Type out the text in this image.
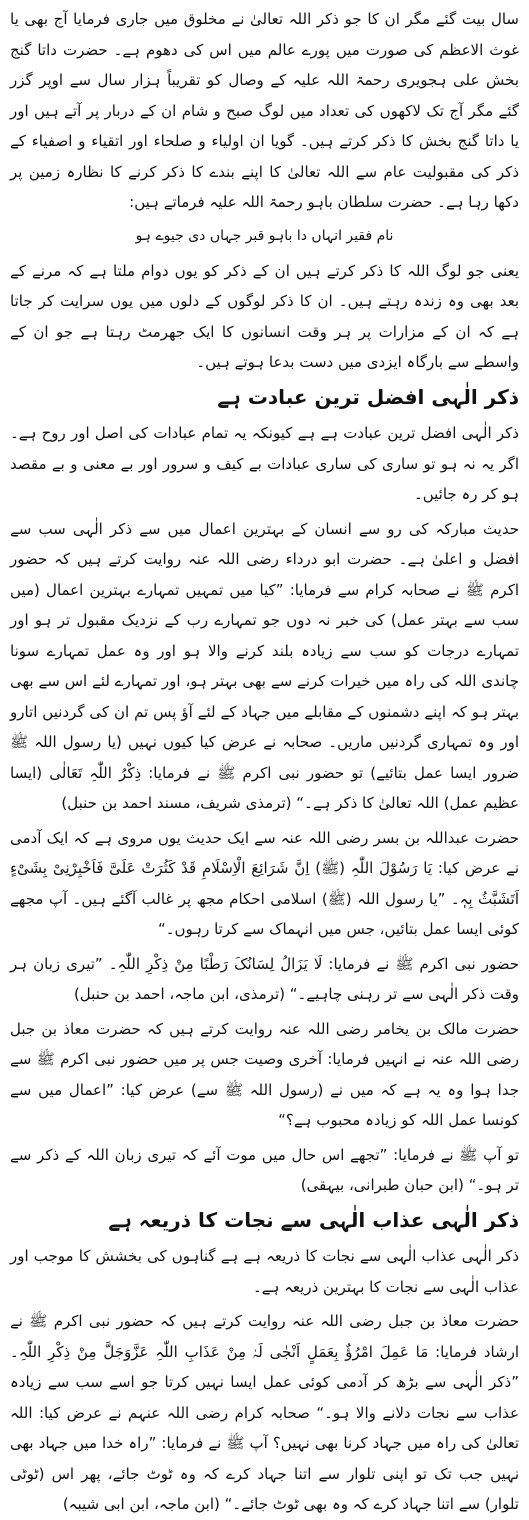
سال بیت گئے مگر ان کا جو ذکر اللہ تعالیٰ نے مخلوق میں جاری فرمایا آج بھی یا غوث الاعظم کی صورت میں پورے عالم میں اس کی دھوم ہے۔ حضرت داتا گنج بخش علی ہجویری رحمۃ اللہ علیہ کے وصال کو تقریباً ہزار سال سے اوپر گزر گئے مگر آج تک لاکھوں کی تعداد میں لوگ صبح و شام ان کے دربار پر آتے ہیں اور یا داتا گنج بخش کا ذکر کرتے ہیں۔ گویا ان اولیاء و صلحاء اور اتقیاء و اصفیاء کے ذکر کی مقبولیت عام سے اللہ تعالیٰ کا اپنے بندے کا ذکر کرنے کا نظارہ زمین پر دکھا رہا ہے۔ حضرت سلطان باہو رحمۃ اللہ علیہ فرماتے ہیں:

نام فقیر انہاں دا باہو قبر جہاں دی جیوے ہو

یعنی جو لوگ اللہ کا ذکر کرتے ہیں ان کے ذکر کو یوں دوام ملتا ہے کہ مرنے کے بعد بھی وہ زندہ رہتے ہیں۔ ان کا ذکر لوگوں کے دلوں میں یوں سرایت کر جاتا ہے کہ ان کے مزارات پر ہر وقت انسانوں کا ایک جھرمٹ رہتا ہے جو ان کے واسطے سے بارگاہ ایزدی میں دست بدعا ہوتے ہیں۔

ذکر الٰہی افضل ترین عبادت ہے

ذکر الٰہی افضل ترین عبادت ہے ہے کیونکہ یہ تمام عبادات کی اصل اور روح ہے۔ اگر یہ نہ ہو تو ساری کی ساری عبادات بے کیف و سرور اور بے معنی و بے مقصد ہو کر رہ جائیں۔

حدیث مبارکہ کی رو سے انسان کے بہترین اعمال میں سے ذکر الٰہی سب سے افضل و اعلیٰ ہے۔ حضرت ابو درداء رضی اللہ عنہ روایت کرتے ہیں کہ حضور اکرم ﷺ نے صحابہ کرام سے فرمایا: ”کیا میں تمہیں تمہارے بہترین اعمال (میں سب سے بہتر عمل) کی خبر نہ دوں جو تمہارے رب کے نزدیک مقبول تر ہو اور تمہارے درجات کو سب سے زیادہ بلند کرنے والا ہو اور وہ عمل تمہارے سونا چاندی اللہ کی راہ میں خیرات کرنے سے بھی بہتر ہو، اور تمہارے لئے اس سے بھی بہتر ہو کہ اپنے دشمنوں کے مقابلے میں جہاد کے لئے آؤ پس تم ان کی گردنیں اتارو اور وہ تمہاری گردنیں ماریں۔ صحابہ نے عرض کیا کیوں نہیں (یا رسول اللہ ﷺ ضرور ایسا عمل بتائیے) تو حضور نبی اکرم ﷺ نے فرمایا: ذِکْرُ اللّٰہِ تَعَالٰی (ایسا عظیم عمل) اللہ تعالیٰ کا ذکر ہے۔“ (ترمذی شریف، مسند احمد بن حنبل)

حضرت عبداللہ بن بسر رضی اللہ عنہ سے ایک حدیث یوں مروی ہے کہ ایک آدمی نے عرض کیا: یَا رَسُوْلَ اللّٰہِ (ﷺ) اِنَّ شَرَائِعَ الْاِسْلَامِ قَدْ کَثُرَتْ عَلَیَّ فَاَخْبِرْنِیْ بِشَیْءٍ اَتَشَبَّثُ بِہٖ۔ ”یا رسول اللہ (ﷺ) اسلامی احکام مجھ پر غالب آگئے ہیں۔ آپ مجھے کوئی ایسا عمل بتائیں، جس میں انہماک سے کرتا رہوں۔“

حضور نبی اکرم ﷺ نے فرمایا: لَا یَزَالُ لِسَانُکَ رَطْبًا مِنْ ذِکْرِ اللّٰہِ۔ ”تیری زبان ہر وقت ذکر الٰہی سے تر رہنی چاہیے۔“ (ترمذی، ابن ماجہ، احمد بن حنبل)

حضرت مالک بن یخامر رضی اللہ عنہ روایت کرتے ہیں کہ حضرت معاذ بن جبل رضی اللہ عنہ نے انہیں فرمایا: آخری وصیت جس پر میں حضور نبی اکرم ﷺ سے جدا ہوا وہ یہ ہے کہ میں نے (رسول اللہ ﷺ سے) عرض کیا: ”اعمال میں سے کونسا عمل اللہ کو زیادہ محبوب ہے؟“

تو آپ ﷺ نے فرمایا: ”تجھے اس حال میں موت آئے کہ تیری زبان اللہ کے ذکر سے تر ہو۔“ (ابن حبان طبرانی، بیہقی)

ذکر الٰہی عذاب الٰہی سے نجات کا ذریعہ ہے

ذکر الٰہی عذاب الٰہی سے نجات کا ذریعہ ہے ہے گناہوں کی بخشش کا موجب اور عذاب الٰہی سے نجات کا بہترین ذریعہ ہے۔

حضرت معاذ بن جبل رضی اللہ عنہ روایت کرتے ہیں کہ حضور نبی اکرم ﷺ نے ارشاد فرمایا: مَا عَمِلَ امْرُؤٌ بِعَمَلٍ اَنْجٰی لَہٗ مِنْ عَذَابِ اللّٰہِ عَزَّوَجَلَّ مِنْ ذِکْرِ اللّٰہِ۔ ”ذکر الٰہی سے بڑھ کر آدمی کوئی عمل ایسا نہیں کرتا جو اسے سب سے زیادہ عذاب سے نجات دلانے والا ہو۔“ صحابہ کرام رضی اللہ عنہم نے عرض کیا: اللہ تعالیٰ کی راہ میں جہاد کرنا بھی نہیں؟ آپ ﷺ نے فرمایا: ”راہ خدا میں جہاد بھی نہیں جب تک تو اپنی تلوار سے اتنا جہاد کرے کہ وہ ٹوٹ جائے، پھر اس (ٹوٹی تلوار) سے اتنا جہاد کرے کہ وہ بھی ٹوٹ جائے۔“ (ابن ماجہ، ابن ابی شیبہ)
